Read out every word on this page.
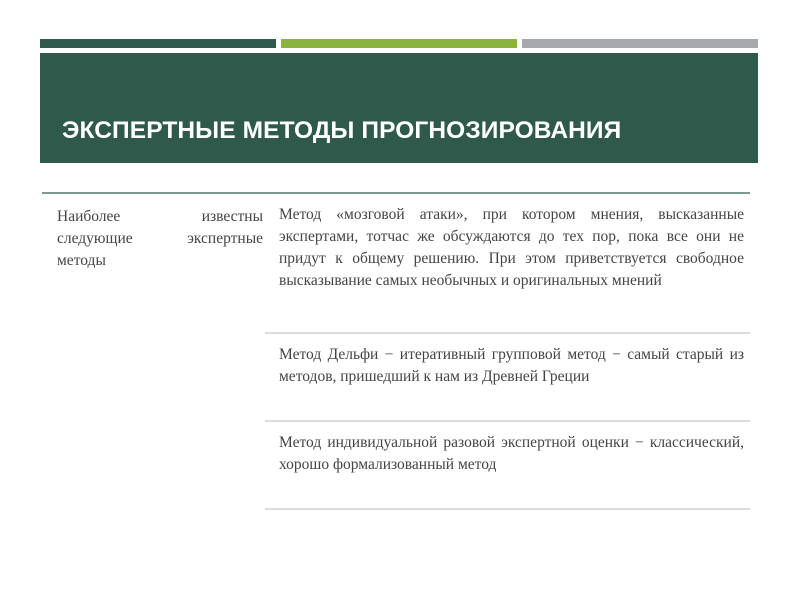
ЭКСПЕРТНЫЕ МЕТОДЫ ПРОГНОЗИРОВАНИЯ
Наиболее известны следующие экспертные методы
Метод «мозговой атаки», при котором мнения, высказанные экспертами, тотчас же обсуждаются до тех пор, пока все они не придут к общему решению. При этом приветствуется свободное высказывание самых необычных и оригинальных мнений
Метод Дельфи − итеративный групповой метод − самый старый из методов, пришедший к нам из Древней Греции
Метод индивидуальной разовой экспертной оценки − классический, хорошо формализованный метод
